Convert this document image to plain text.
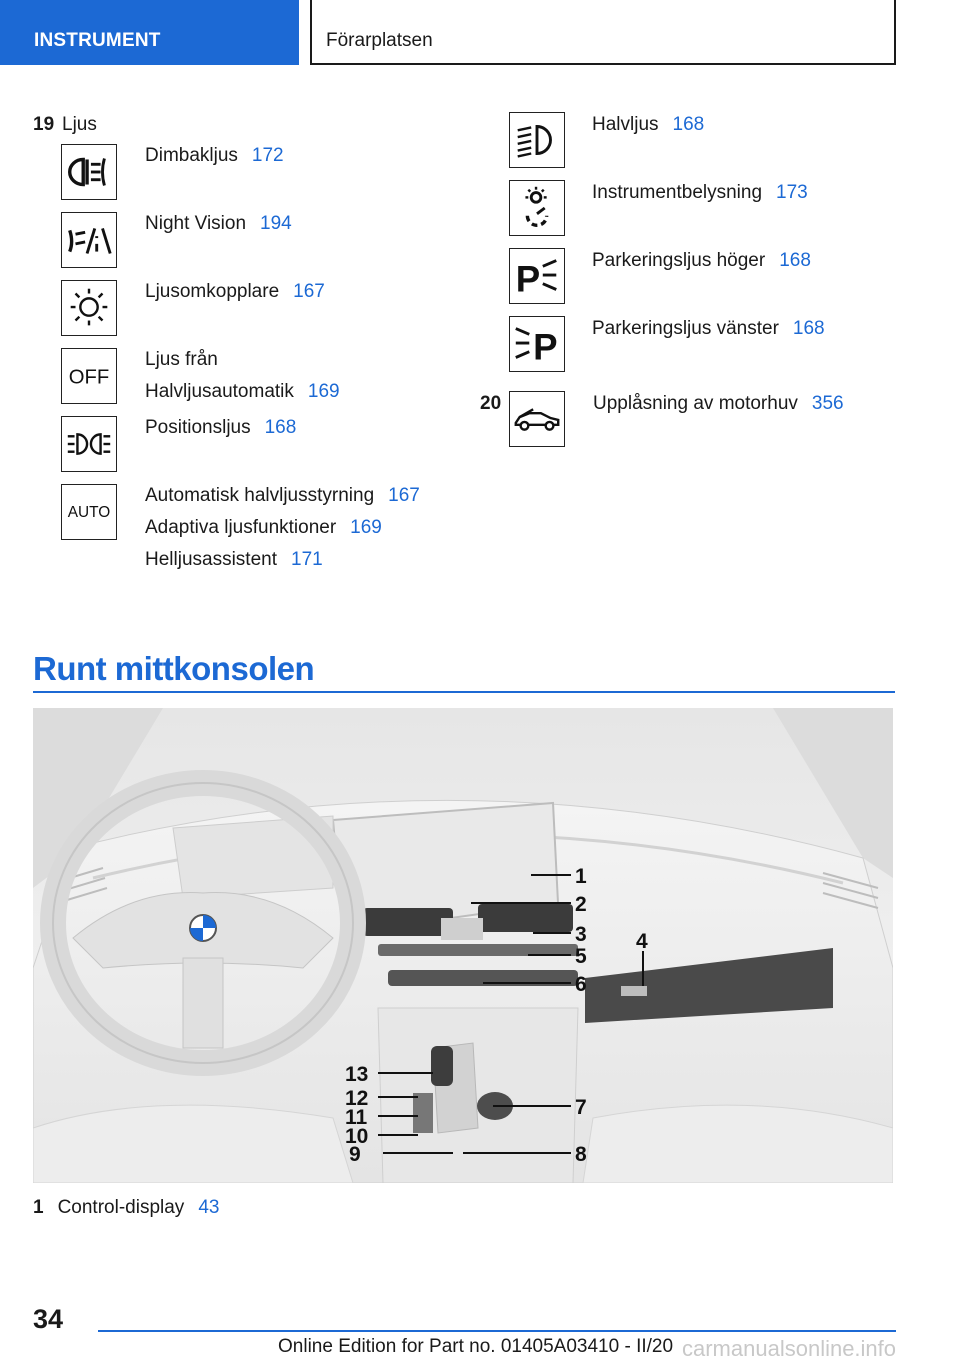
INSTRUMENT	Förarplatsen
19 Ljus
Dimbakljus 172
Night Vision 194
Ljusomkopplare 167
OFF
Ljus från
Halvljusautomatik 169
Positionsljus 168
AUTO
Automatisk halvljusstyrning 167
Adaptiva ljusfunktioner 169
Helljusassistent 171
Halvljus 168
Instrumentbelysning 173
P	Parkeringsljus höger 168
P Parkeringsljus vänster 168
20	Upplåsning av motorhuv 356
Runt mittkonsolen
1
2
3 4
5
6
7
8
9
10
11
12
13
1 Control-display 43
34
Online Edition for Part no. 01405A03410 - II/20 carmanualsonline.info
